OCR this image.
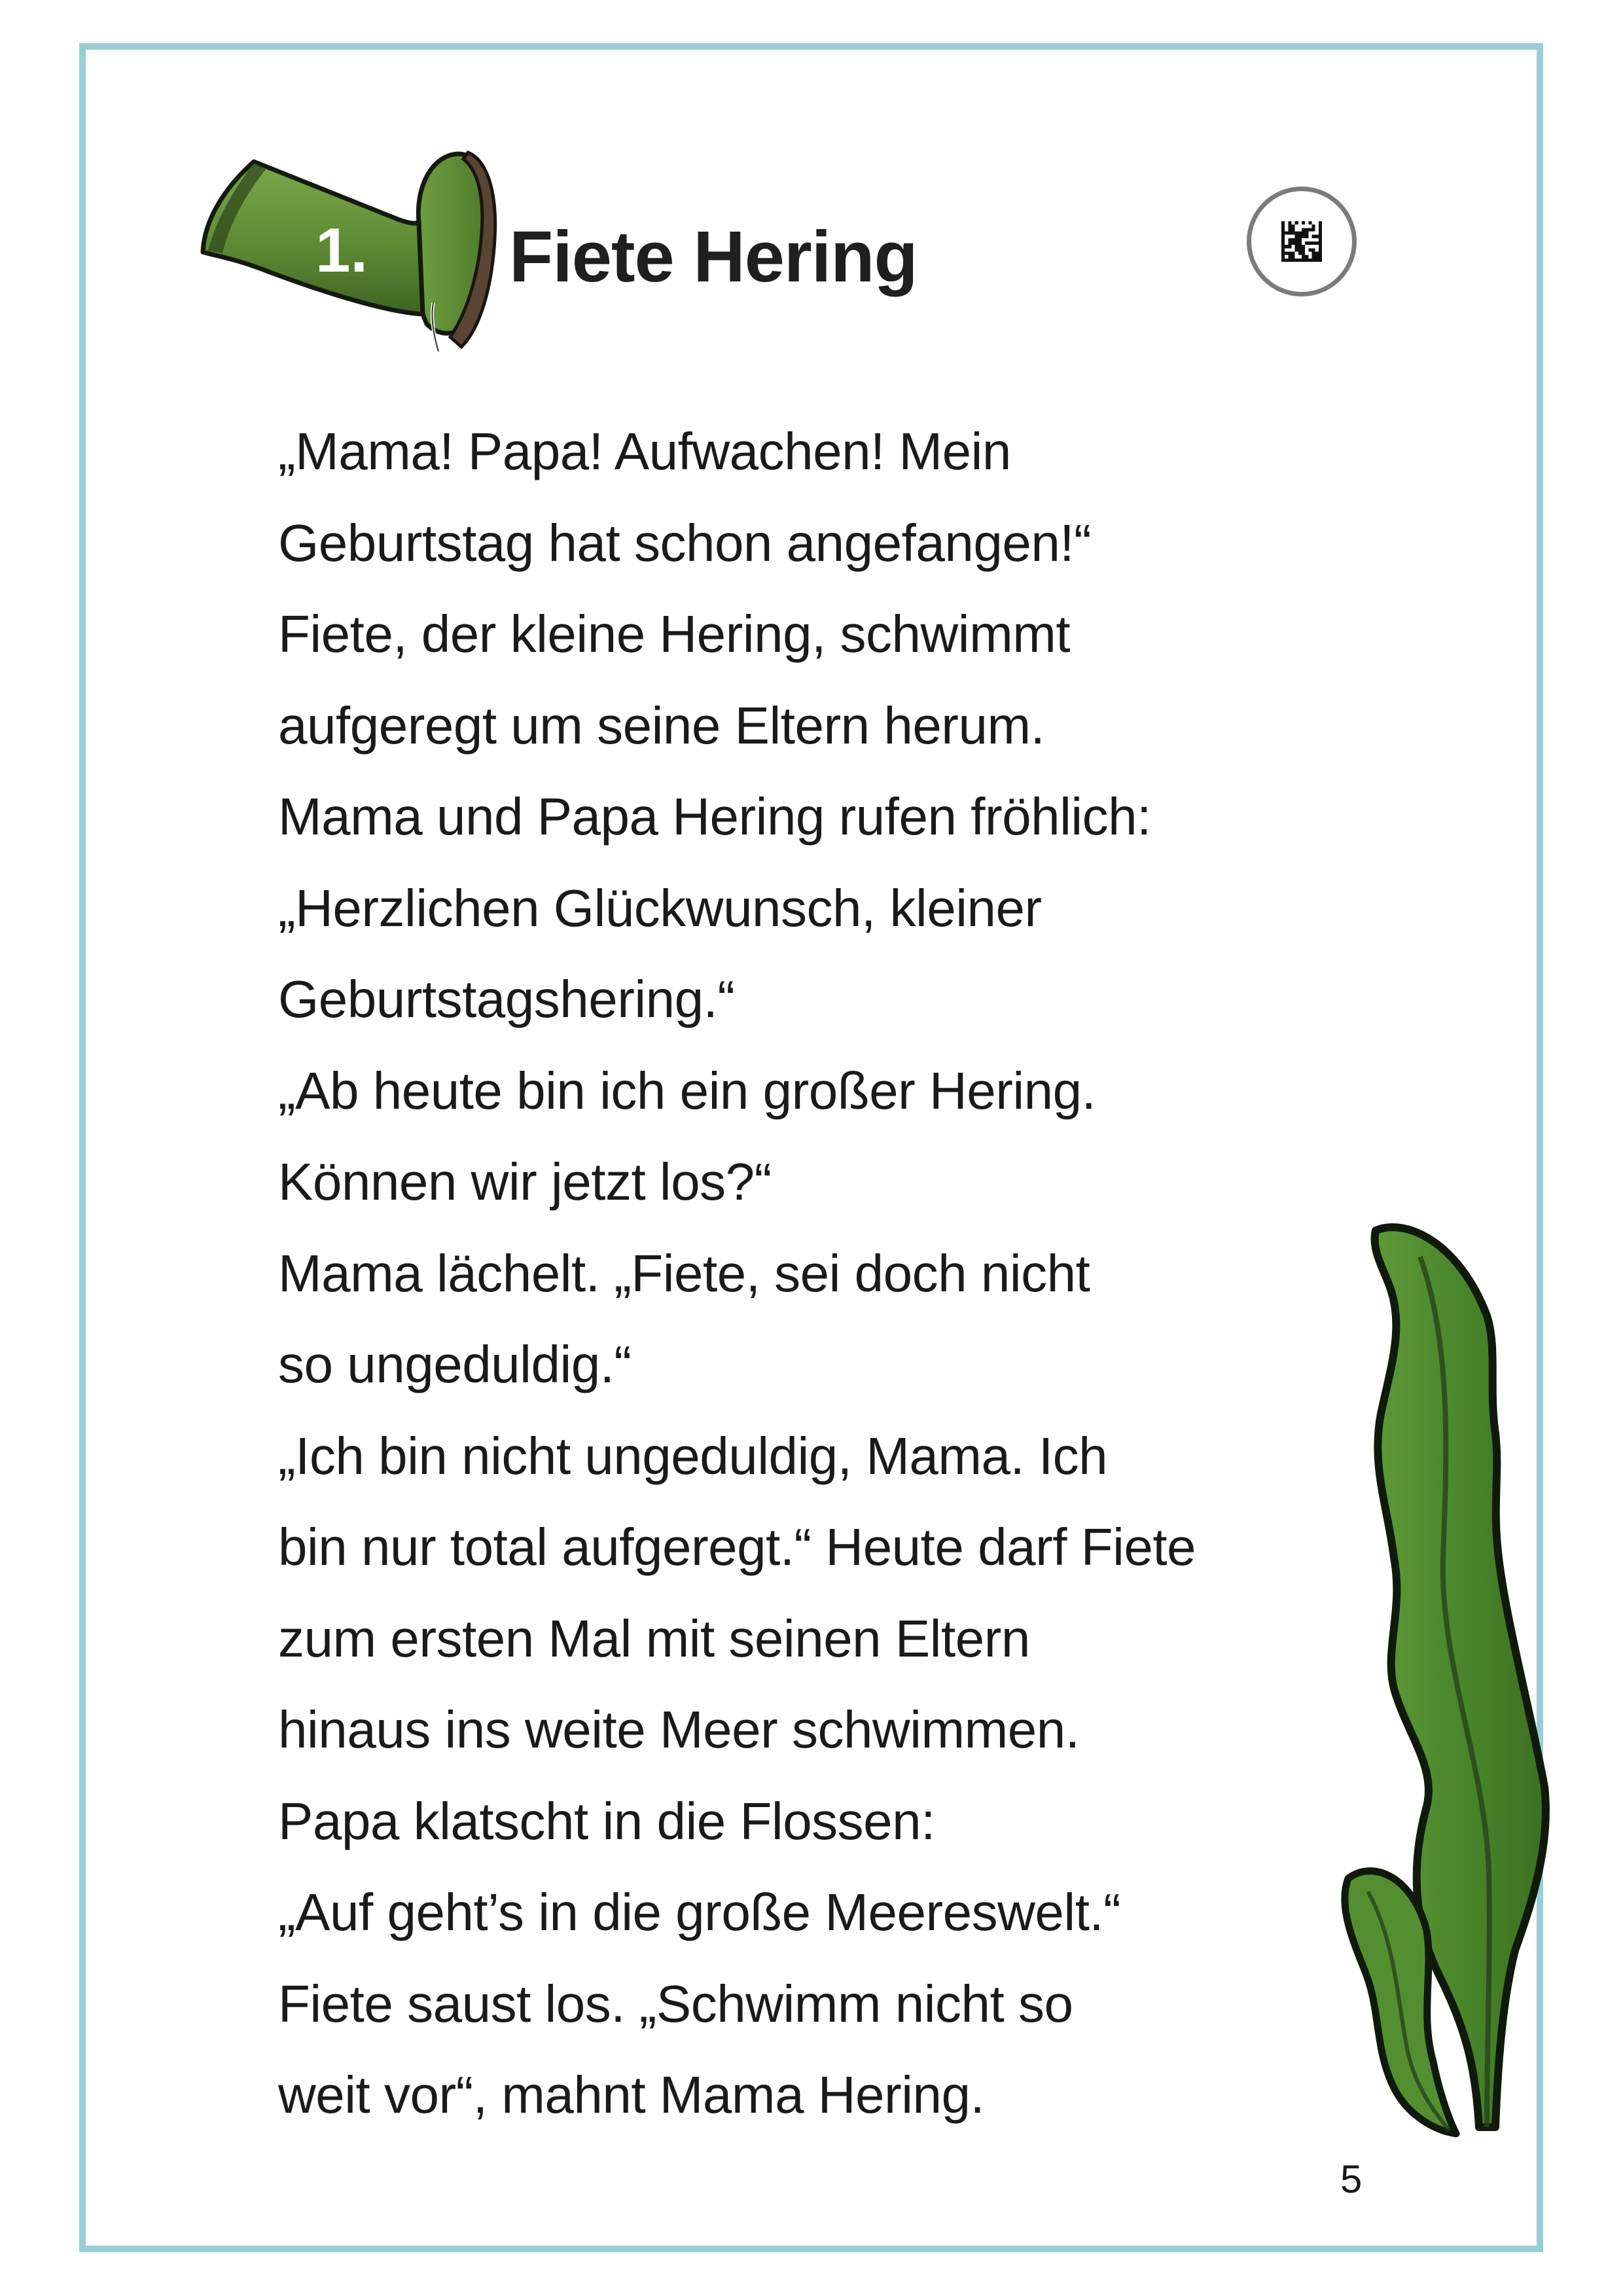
1. Fiete Hering
„Mama! Papa! Aufwachen! Mein
Geburtstag hat schon angefangen!“
Fiete, der kleine Hering, schwimmt
aufgeregt um seine Eltern herum.
Mama und Papa Hering rufen fröhlich:
„Herzlichen Glückwunsch, kleiner
Geburtstagshering.“
„Ab heute bin ich ein großer Hering.
Können wir jetzt los?“
Mama lächelt. „Fiete, sei doch nicht
so ungeduldig.“
„Ich bin nicht ungeduldig, Mama. Ich
bin nur total aufgeregt.“ Heute darf Fiete
zum ersten Mal mit seinen Eltern
hinaus ins weite Meer schwimmen.
Papa klatscht in die Flossen:
„Auf geht’s in die große Meereswelt.“
Fiete saust los. „Schwimm nicht so
weit vor“, mahnt Mama Hering.
5
